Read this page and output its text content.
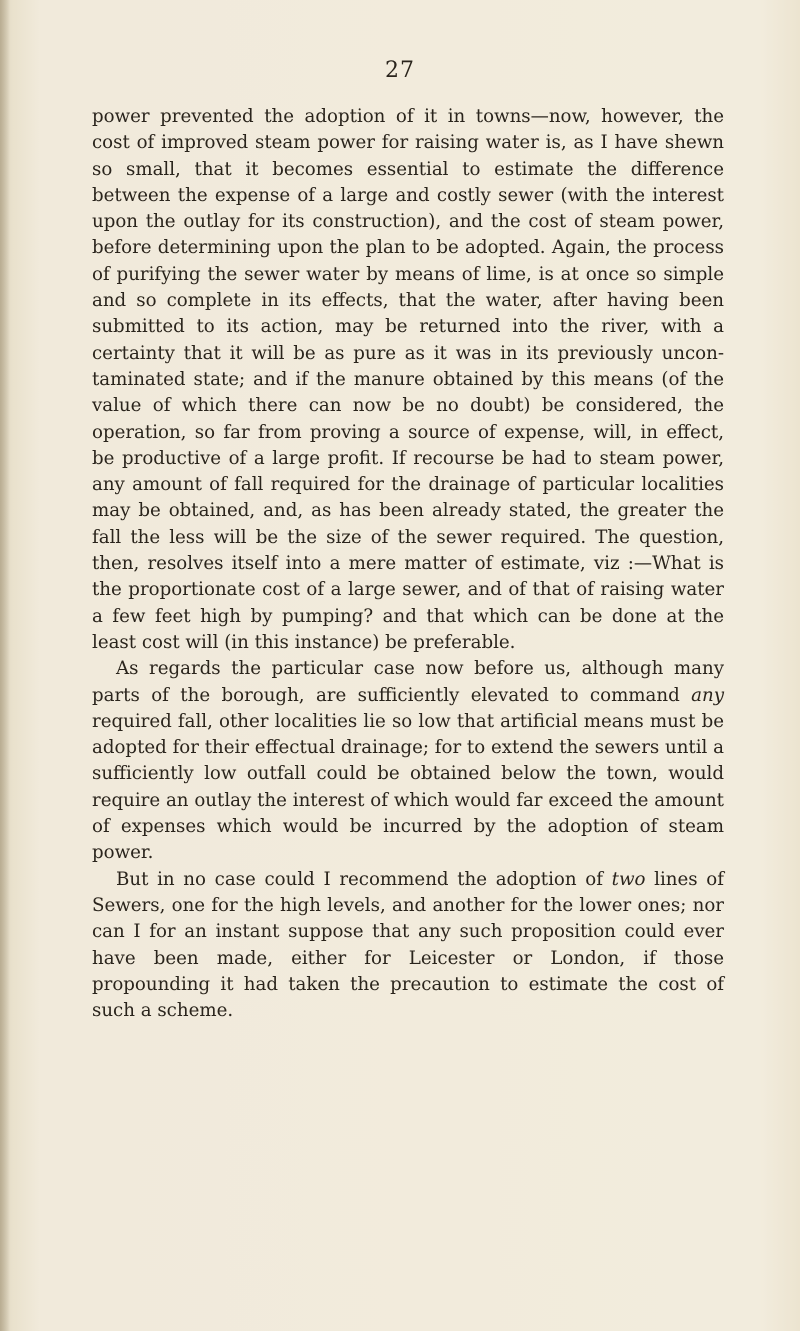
27

power prevented the adoption of it in towns—now, however, the cost of improved steam power for raising water is, as I have shewn so small, that it becomes essential to estimate the difference between the expense of a large and costly sewer (with the interest upon the outlay for its construction), and the cost of steam power, before determining upon the plan to be adopted. Again, the process of purifying the sewer water by means of lime, is at once so simple and so complete in its effects, that the water, after having been submitted to its action, may be returned into the river, with a certainty that it will be as pure as it was in its previously uncontaminated state; and if the manure obtained by this means (of the value of which there can now be no doubt) be considered, the operation, so far from proving a source of expense, will, in effect, be productive of a large profit. If recourse be had to steam power, any amount of fall required for the drainage of particular localities may be obtained, and, as has been already stated, the greater the fall the less will be the size of the sewer required. The question, then, resolves itself into a mere matter of estimate, viz :—What is the proportionate cost of a large sewer, and of that of raising water a few feet high by pumping? and that which can be done at the least cost will (in this instance) be preferable.

As regards the particular case now before us, although many parts of the borough, are sufficiently elevated to command any required fall, other localities lie so low that artificial means must be adopted for their effectual drainage; for to extend the sewers until a sufficiently low outfall could be obtained below the town, would require an outlay the interest of which would far exceed the amount of expenses which would be incurred by the adoption of steam power.

But in no case could I recommend the adoption of two lines of Sewers, one for the high levels, and another for the lower ones; nor can I for an instant suppose that any such proposition could ever have been made, either for Leicester or London, if those propounding it had taken the precaution to estimate the cost of such a scheme.
